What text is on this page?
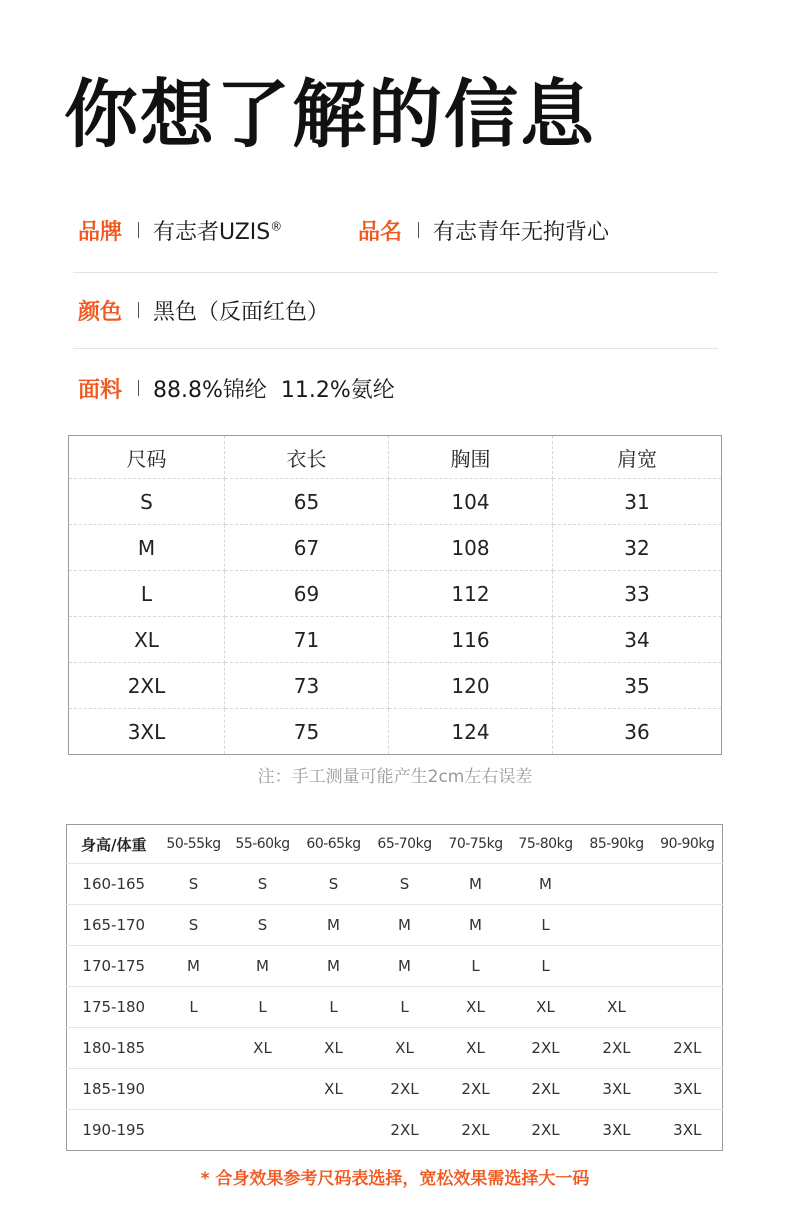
你想了解的信息
品牌 有志者UZIS®	品名 有志青年无拘背心
颜色 黑色（反面红色）
面料 88.8%锦纶  11.2%氨纶
尺码	衣长	胸围	肩宽
S	65	104	31
M	67	108	32
L	69	112	33
XL	71	116	34
2XL	73	120	35
3XL	75	124	36
注：手工测量可能产生2cm左右误差
身高/体重	50-55kg	55-60kg	60-65kg	65-70kg	70-75kg	75-80kg	85-90kg	90-90kg
160-165	S	S	S	S	M	M		
165-170	S	S	M	M	M	L		
170-175	M	M	M	M	L	L		
175-180	L	L	L	L	XL	XL	XL	
180-185		XL	XL	XL	XL	2XL	2XL	2XL
185-190			XL	2XL	2XL	2XL	3XL	3XL
190-195				2XL	2XL	2XL	3XL	3XL
* 合身效果参考尺码表选择，宽松效果需选择大一码
